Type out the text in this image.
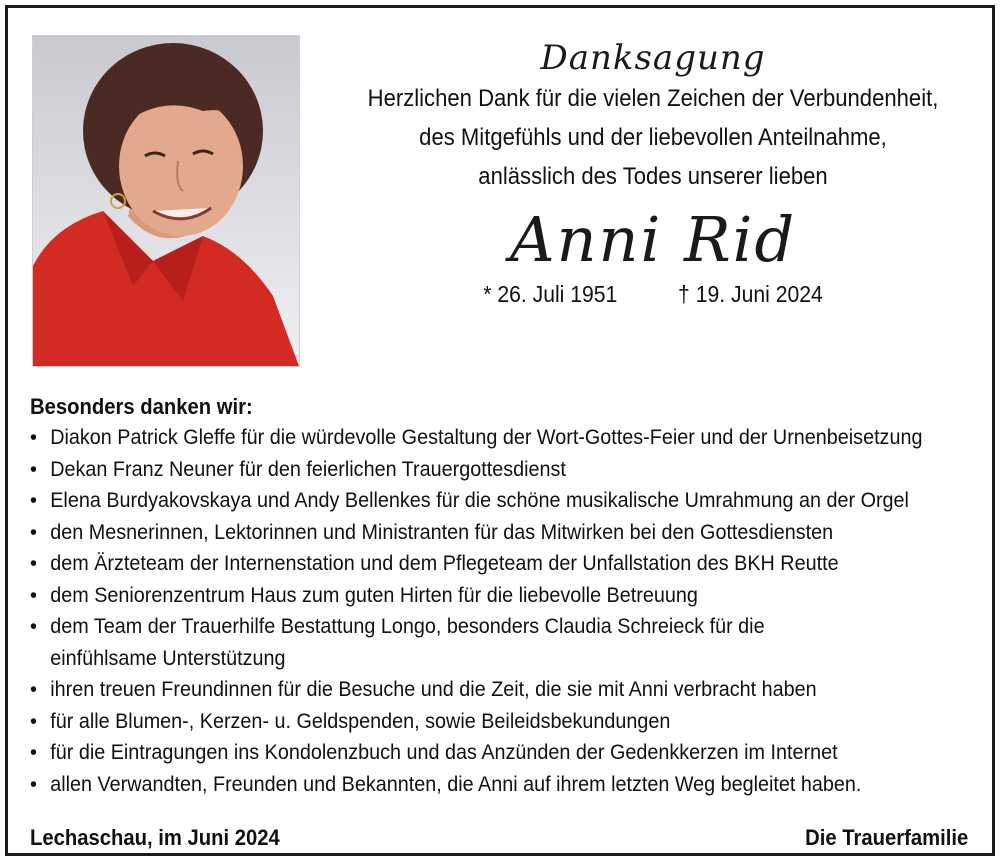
Danksagung
Herzlichen Dank für die vielen Zeichen der Verbundenheit,
des Mitgefühls und der liebevollen Anteilnahme,
anlässlich des Todes unserer lieben
Anni Rid
* 26. Juli 1951	† 19. Juni 2024
Besonders danken wir:
• Diakon Patrick Gleffe für die würdevolle Gestaltung der Wort-Gottes-Feier und der Urnenbeisetzung
• Dekan Franz Neuner für den feierlichen Trauergottesdienst
• Elena Burdyakovskaya und Andy Bellenkes für die schöne musikalische Umrahmung an der Orgel
• den Mesnerinnen, Lektorinnen und Ministranten für das Mitwirken bei den Gottesdiensten
• dem Ärzteteam der Internenstation und dem Pflegeteam der Unfallstation des BKH Reutte
• dem Seniorenzentrum Haus zum guten Hirten für die liebevolle Betreuung
• dem Team der Trauerhilfe Bestattung Longo, besonders Claudia Schreieck für die einfühlsame Unterstützung
• ihren treuen Freundinnen für die Besuche und die Zeit, die sie mit Anni verbracht haben
• für alle Blumen-, Kerzen- u. Geldspenden, sowie Beileidsbekundungen
• für die Eintragungen ins Kondolenzbuch und das Anzünden der Gedenkkerzen im Internet
• allen Verwandten, Freunden und Bekannten, die Anni auf ihrem letzten Weg begleitet haben.
Lechaschau, im Juni 2024	Die Trauerfamilie
